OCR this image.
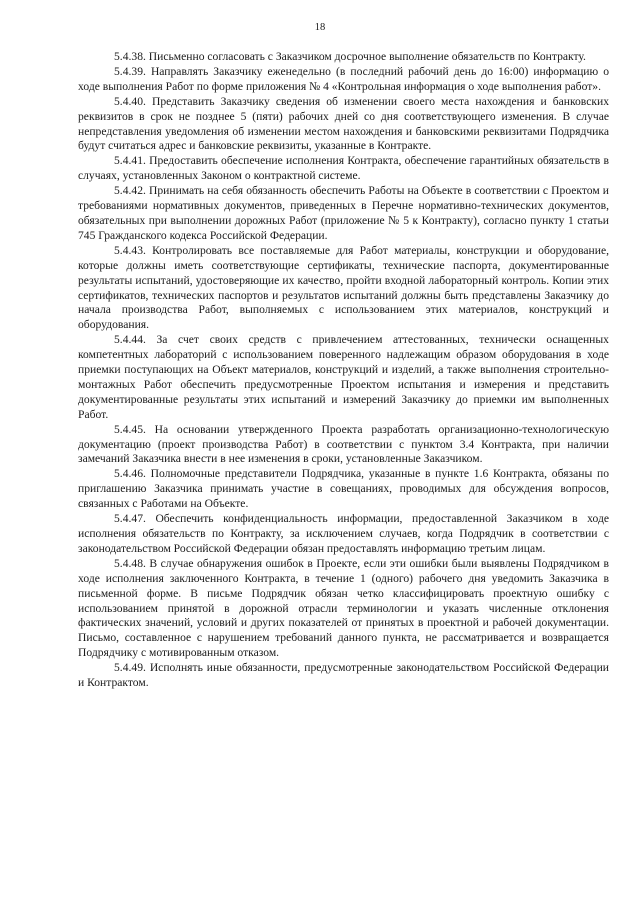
18

5.4.38. Письменно согласовать с Заказчиком досрочное выполнение обязательств по Контракту.

5.4.39. Направлять Заказчику еженедельно (в последний рабочий день до 16:00) информацию о ходе выполнения Работ по форме приложения № 4 «Контрольная информация о ходе выполнения работ».

5.4.40. Представить Заказчику сведения об изменении своего места нахождения и банковских реквизитов в срок не позднее 5 (пяти) рабочих дней со дня соответствующего изменения. В случае непредставления уведомления об изменении местом нахождения и банковскими реквизитами Подрядчика будут считаться адрес и банковские реквизиты, указанные в Контракте.

5.4.41. Предоставить обеспечение исполнения Контракта, обеспечение гарантийных обязательств в случаях, установленных Законом о контрактной системе.

5.4.42. Принимать на себя обязанность обеспечить Работы на Объекте в соответствии с Проектом и требованиями нормативных документов, приведенных в Перечне нормативно-технических документов, обязательных при выполнении дорожных Работ (приложение № 5 к Контракту), согласно пункту 1 статьи 745 Гражданского кодекса Российской Федерации.

5.4.43. Контролировать все поставляемые для Работ материалы, конструкции и оборудование, которые должны иметь соответствующие сертификаты, технические паспорта, документированные результаты испытаний, удостоверяющие их качество, пройти входной лабораторный контроль. Копии этих сертификатов, технических паспортов и результатов испытаний должны быть представлены Заказчику до начала производства Работ, выполняемых с использованием этих материалов, конструкций и оборудования.

5.4.44. За счет своих средств с привлечением аттестованных, технически оснащенных компетентных лабораторий с использованием поверенного надлежащим образом оборудования в ходе приемки поступающих на Объект материалов, конструкций и изделий, а также выполнения строительно-монтажных Работ обеспечить предусмотренные Проектом испытания и измерения и представить документированные результаты этих испытаний и измерений Заказчику до приемки им выполненных Работ.

5.4.45. На основании утвержденного Проекта разработать организационно-технологическую документацию (проект производства Работ) в соответствии с пунктом 3.4 Контракта, при наличии замечаний Заказчика внести в нее изменения в сроки, установленные Заказчиком.

5.4.46. Полномочные представители Подрядчика, указанные в пункте 1.6 Контракта, обязаны по приглашению Заказчика принимать участие в совещаниях, проводимых для обсуждения вопросов, связанных с Работами на Объекте.

5.4.47. Обеспечить конфиденциальность информации, предоставленной Заказчиком в ходе исполнения обязательств по Контракту, за исключением случаев, когда Подрядчик в соответствии с законодательством Российской Федерации обязан предоставлять информацию третьим лицам.

5.4.48. В случае обнаружения ошибок в Проекте, если эти ошибки были выявлены Подрядчиком в ходе исполнения заключенного Контракта, в течение 1 (одного) рабочего дня уведомить Заказчика в письменной форме. В письме Подрядчик обязан четко классифицировать проектную ошибку с использованием принятой в дорожной отрасли терминологии и указать численные отклонения фактических значений, условий и других показателей от принятых в проектной и рабочей документации. Письмо, составленное с нарушением требований данного пункта, не рассматривается и возвращается Подрядчику с мотивированным отказом.

5.4.49. Исполнять иные обязанности, предусмотренные законодательством Российской Федерации и Контрактом.
